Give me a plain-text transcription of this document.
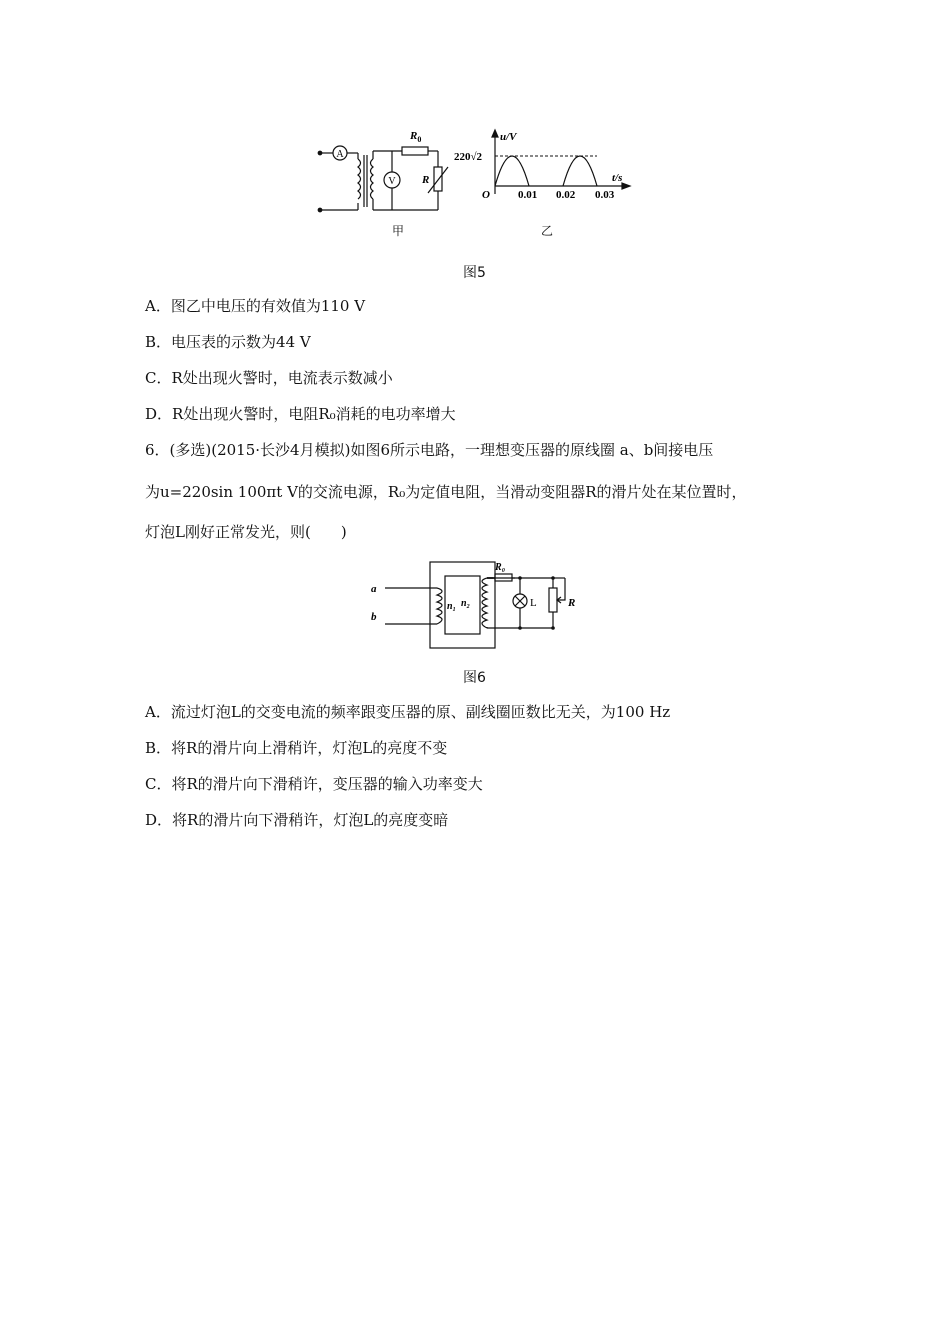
A
V
$R_0$
R
甲
u/V
t/s
220√2
O	0.01 0.02 0.03
乙
图5
A．图乙中电压的有效值为110 V
B．电压表的示数为44 V
C．R处出现火警时，电流表示数减小
D．R处出现火警时，电阻R₀消耗的电功率增大
6．(多选)(2015·长沙4月模拟)如图6所示电路，一理想变压器的原线圈 a、b间接电压
为u=220sin 100πt V的交流电源，R₀为定值电阻，当滑动变阻器R的滑片处在某位置时，
灯泡L刚好正常发光，则(　　)
a
b
n₁ n₂
R₀
L	R
图6
A．流过灯泡L的交变电流的频率跟变压器的原、副线圈匝数比无关，为100 Hz
B．将R的滑片向上滑稍许，灯泡L的亮度不变
C．将R的滑片向下滑稍许，变压器的输入功率变大
D．将R的滑片向下滑稍许，灯泡L的亮度变暗
